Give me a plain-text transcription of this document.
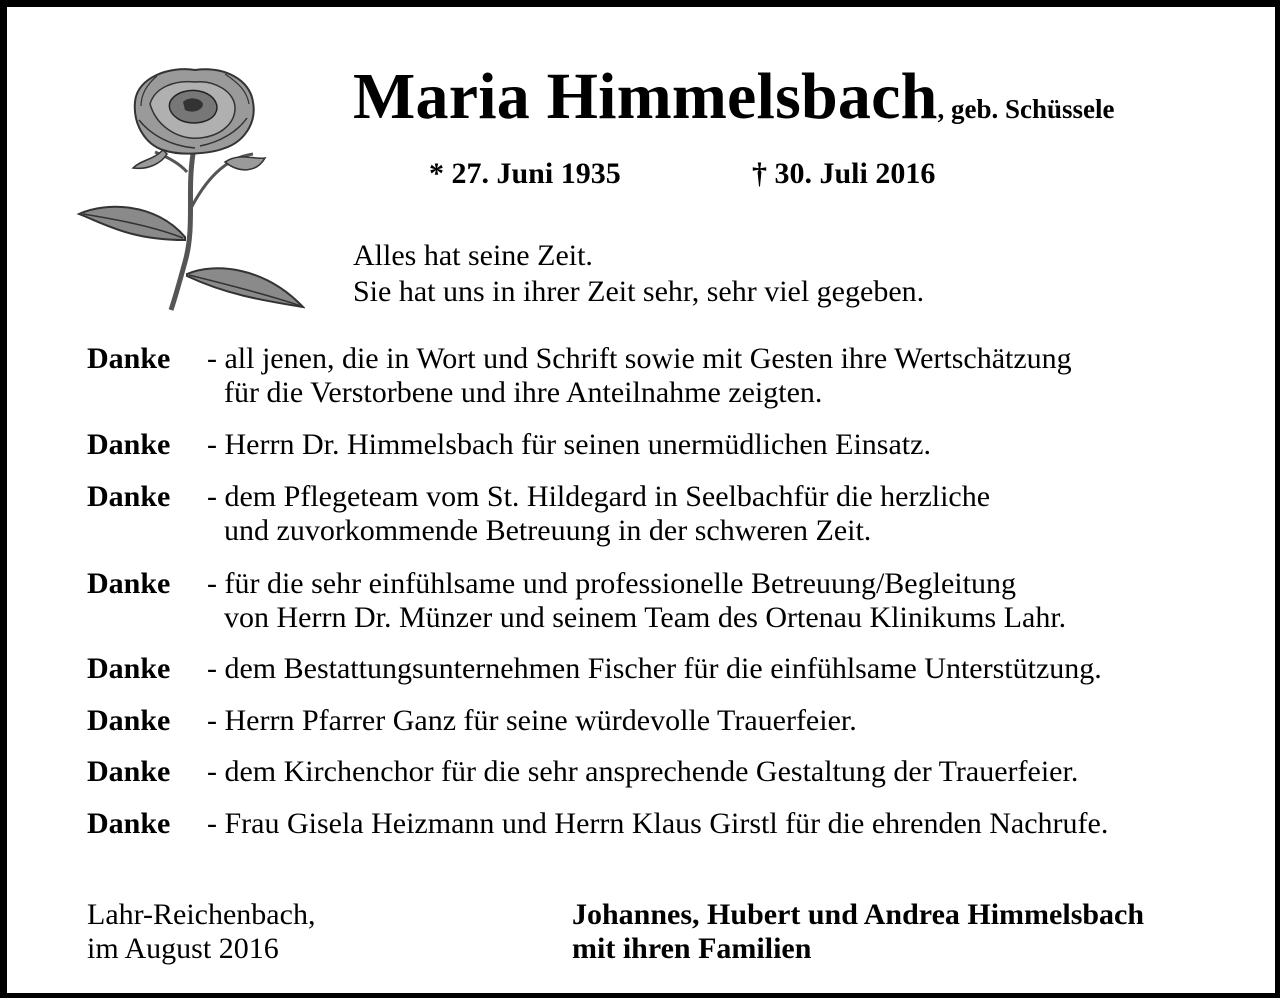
Maria Himmelsbach, geb. Schüssele
* 27. Juni 1935	† 30. Juli 2016
Alles hat seine Zeit.
Sie hat uns in ihrer Zeit sehr, sehr viel gegeben.
Danke - all jenen, die in Wort und Schrift sowie mit Gesten ihre Wertschätzung
für die Verstorbene und ihre Anteilnahme zeigten.
Danke - Herrn Dr. Himmelsbach für seinen unermüdlichen Einsatz.
Danke - dem Pflegeteam vom St. Hildegard in Seelbachfür die herzliche
und zuvorkommende Betreuung in der schweren Zeit.
Danke - für die sehr einfühlsame und professionelle Betreuung/Begleitung
von Herrn Dr. Münzer und seinem Team des Ortenau Klinikums Lahr.
Danke - dem Bestattungsunternehmen Fischer für die einfühlsame Unterstützung.
Danke - Herrn Pfarrer Ganz für seine würdevolle Trauerfeier.
Danke - dem Kirchenchor für die sehr ansprechende Gestaltung der Trauerfeier.
Danke - Frau Gisela Heizmann und Herrn Klaus Girstl für die ehrenden Nachrufe.
Lahr-Reichenbach,
im August 2016
Johannes, Hubert und Andrea Himmelsbach
mit ihren Familien
